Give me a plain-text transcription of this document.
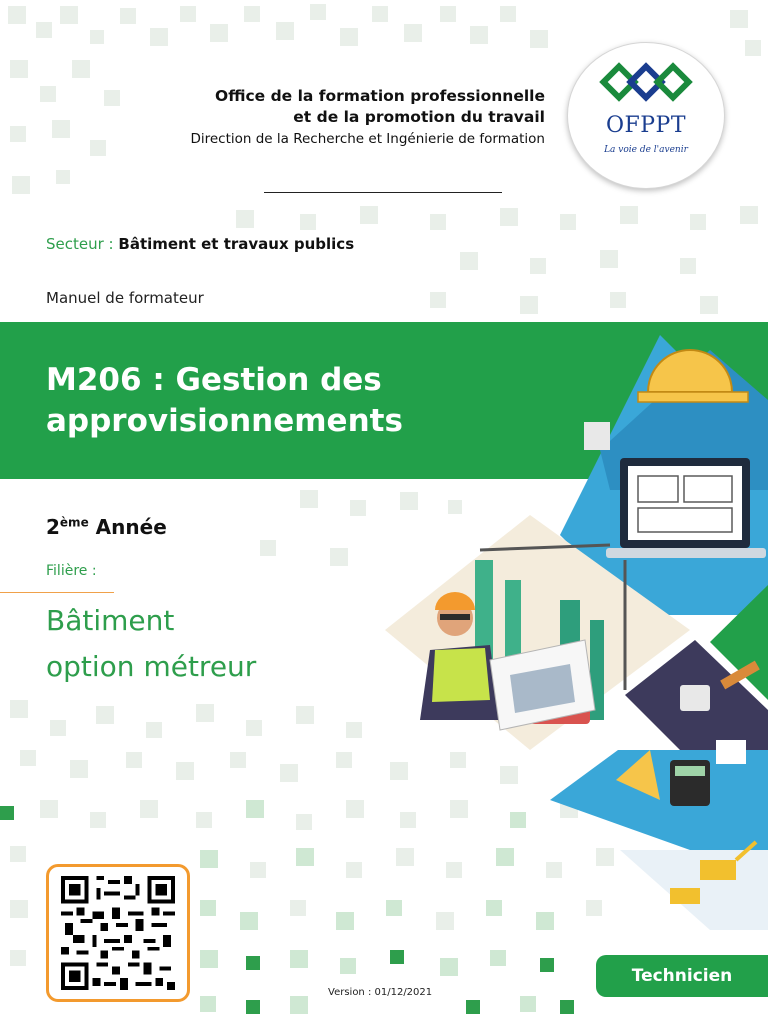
Office de la formation professionnelle
et de la promotion du travail
Direction de la Recherche et Ingénierie de formation
OFPPT
La voie de l'avenir
Secteur : Bâtiment et travaux publics
Manuel de formateur
M206 : Gestion des
approvisionnements
2ème Année
Filière :
Bâtiment
option métreur
Version : 01/12/2021
Technicien
